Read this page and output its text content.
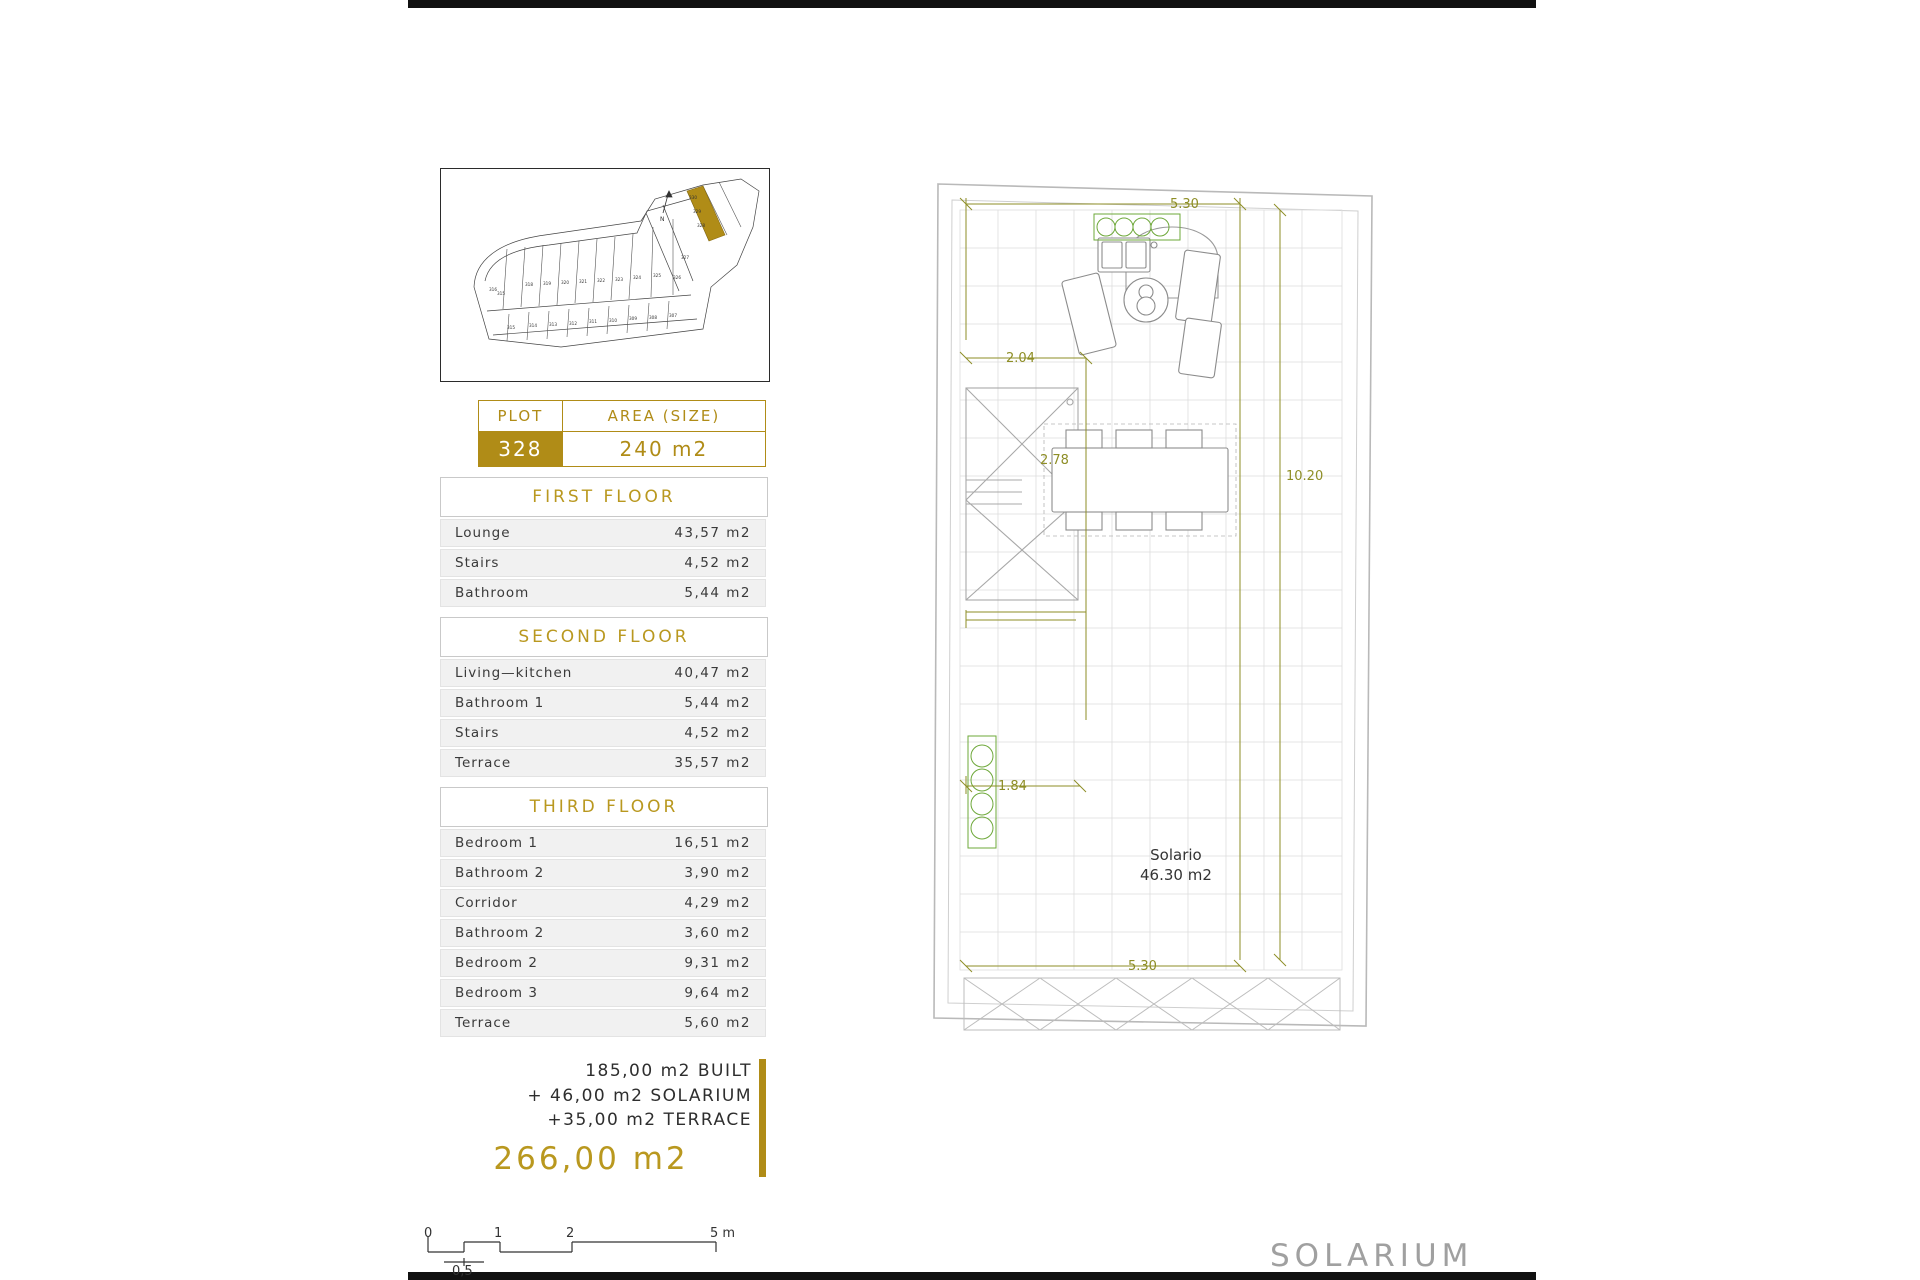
330
329
328
327
326
325
324
323
322
321
320
319
318
316
315
315	314	313	312	311	310	309	308	307
N
PLOT	AREA (SIZE)
328	240 m2
FIRST FLOOR
Lounge	43,57 m2
Stairs	4,52 m2
Bathroom	5,44 m2
SECOND FLOOR
Living—kitchen	40,47 m2
Bathroom 1	5,44 m2
Stairs	4,52 m2
Terrace	35,57 m2
THIRD FLOOR
Bedroom 1	16,51 m2
Bathroom 2	3,90 m2
Corridor	4,29 m2
Bathroom 2	3,60 m2
Bedroom 2	9,31 m2
Bedroom 3	9,64 m2
Terrace	5,60 m2
185,00 m2 BUILT
+ 46,00 m2 SOLARIUM
+35,00 m2 TERRACE
266,00 m2
0	1	2	5 m
0,5
5.30
2.04
2.78
1.84
5.30
10.20
Solario
46.30 m2
SOLARIUM
